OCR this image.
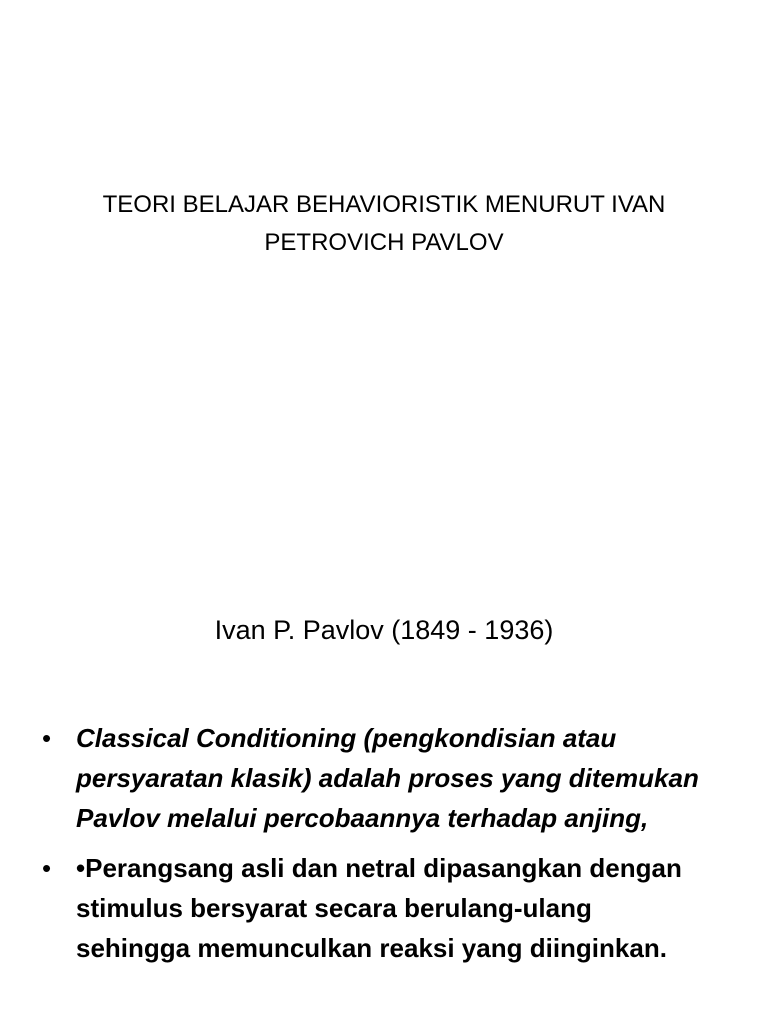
TEORI BELAJAR BEHAVIORISTIK MENURUT IVAN PETROVICH PAVLOV
Ivan P. Pavlov (1849 - 1936)
• Classical Conditioning (pengkondisian atau persyaratan klasik) adalah proses yang ditemukan Pavlov melalui percobaannya terhadap anjing,
• •Perangsang asli dan netral dipasangkan dengan stimulus bersyarat secara berulang-ulang sehingga memunculkan reaksi yang diinginkan.
